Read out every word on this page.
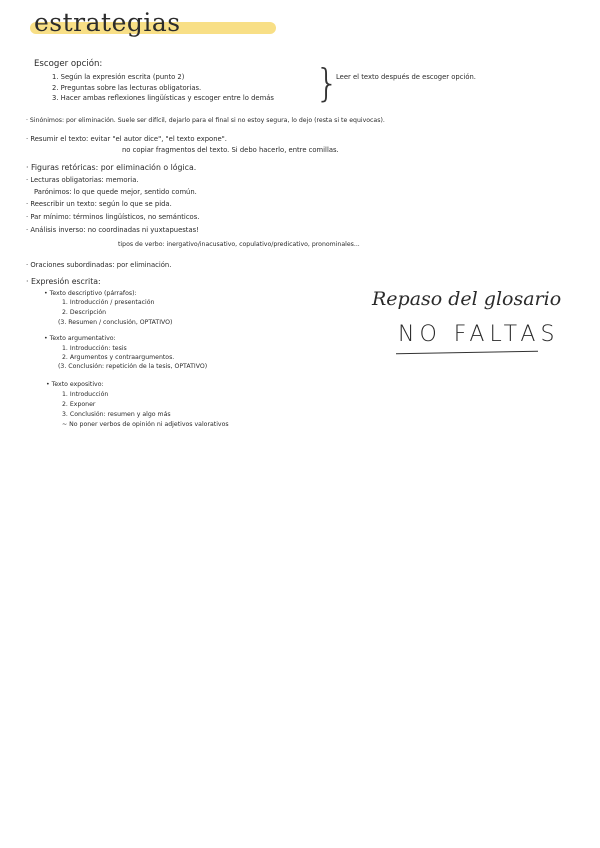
estrategias
Escoger opción:
1. Según la expresión escrita (punto 2)
2. Preguntas sobre las lecturas obligatorias.
3. Hacer ambas reflexiones lingüísticas y escoger entre lo demás }
Leer el texto después de escoger opción.
· Sinónimos: por eliminación. Suele ser difícil, dejarlo para el final si no estoy segura, lo dejo (resta si te equivocas).
· Resumir el texto: evitar "el autor dice", "el texto expone".
no copiar fragmentos del texto. Si debo hacerlo, entre comillas.
· Figuras retóricas: por eliminación o lógica.
· Lecturas obligatorias: memoria.
Parónimos: lo que quede mejor, sentido común.
· Reescribir un texto: según lo que se pida.
· Par mínimo: términos lingüísticos, no semánticos.
· Análisis inverso: no coordinadas ni yuxtapuestas!
tipos de verbo: inergativo/inacusativo, copulativo/predicativo, pronominales...
· Oraciones subordinadas: por eliminación.
· Expresión escrita:
• Texto descriptivo (párrafos):
1. Introducción / presentación
2. Descripción
(3. Resumen / conclusión, OPTATIVO)
• Texto argumentativo:
1. Introducción: tesis
2. Argumentos y contraargumentos.
(3. Conclusión: repetición de la tesis, OPTATIVO)
• Texto expositivo:
1. Introducción
2. Exponer
3. Conclusión: resumen y algo más
~ No poner verbos de opinión ni adjetivos valorativos
Repaso del glosario
NO FALTAS
